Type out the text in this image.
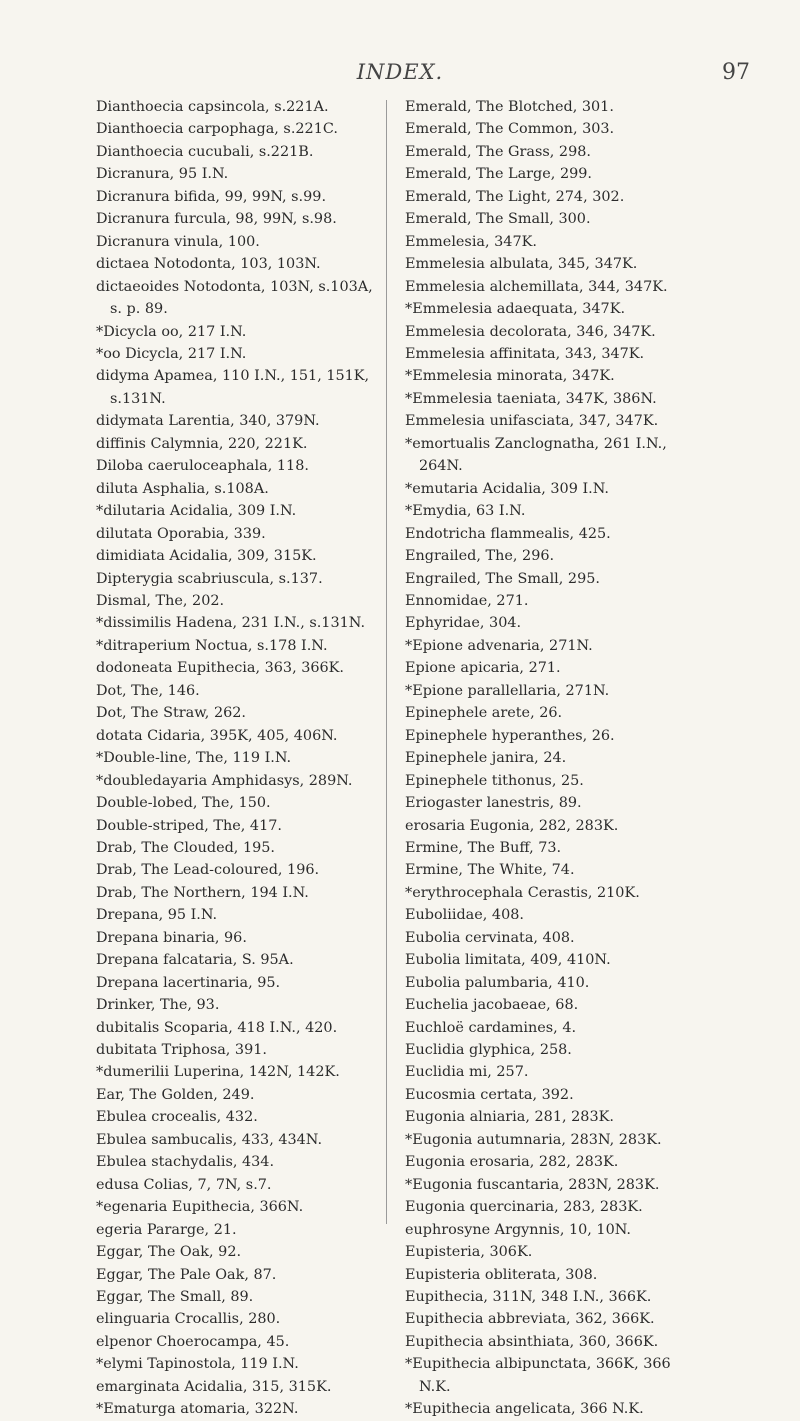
INDEX.	97
Dianthoecia capsincola, s.221A.
Dianthoecia carpophaga, s.221C.
Dianthoecia cucubali, s.221B.
Dicranura, 95 I.N.
Dicranura bifida, 99, 99N, s.99.
Dicranura furcula, 98, 99N, s.98.
Dicranura vinula, 100.
dictaea Notodonta, 103, 103N.
dictaeoides Notodonta, 103N, s.103A, s. p. 89.
*Dicycla oo, 217 I.N.
*oo Dicycla, 217 I.N.
didyma Apamea, 110 I.N., 151, 151K, s.131N.
didymata Larentia, 340, 379N.
diffinis Calymnia, 220, 221K.
Diloba caeruloceaphala, 118.
diluta Asphalia, s.108A.
*dilutaria Acidalia, 309 I.N.
dilutata Oporabia, 339.
dimidiata Acidalia, 309, 315K.
Dipterygia scabriuscula, s.137.
Dismal, The, 202.
*dissimilis Hadena, 231 I.N., s.131N.
*ditraperium Noctua, s.178 I.N.
dodoneata Eupithecia, 363, 366K.
Dot, The, 146.
Dot, The Straw, 262.
dotata Cidaria, 395K, 405, 406N.
*Double-line, The, 119 I.N.
*doubledayaria Amphidasys, 289N.
Double-lobed, The, 150.
Double-striped, The, 417.
Drab, The Clouded, 195.
Drab, The Lead-coloured, 196.
Drab, The Northern, 194 I.N.
Drepana, 95 I.N.
Drepana binaria, 96.
Drepana falcataria, S. 95A.
Drepana lacertinaria, 95.
Drinker, The, 93.
dubitalis Scoparia, 418 I.N., 420.
dubitata Triphosa, 391.
*dumerilii Luperina, 142N, 142K.
Ear, The Golden, 249.
Ebulea crocealis, 432.
Ebulea sambucalis, 433, 434N.
Ebulea stachydalis, 434.
edusa Colias, 7, 7N, s.7.
*egenaria Eupithecia, 366N.
egeria Pararge, 21.
Eggar, The Oak, 92.
Eggar, The Pale Oak, 87.
Eggar, The Small, 89.
elinguaria Crocallis, 280.
elpenor Choerocampa, 45.
*elymi Tapinostola, 119 I.N.
emarginata Acidalia, 315, 315K.
*Ematurga atomaria, 322N.
Emerald, The Blotched, 301.
Emerald, The Common, 303.
Emerald, The Grass, 298.
Emerald, The Large, 299.
Emerald, The Light, 274, 302.
Emerald, The Small, 300.
Emmelesia, 347K.
Emmelesia albulata, 345, 347K.
Emmelesia alchemillata, 344, 347K.
*Emmelesia adaequata, 347K.
Emmelesia decolorata, 346, 347K.
Emmelesia affinitata, 343, 347K.
*Emmelesia minorata, 347K.
*Emmelesia taeniata, 347K, 386N.
Emmelesia unifasciata, 347, 347K.
*emortualis Zanclognatha, 261 I.N., 264N.
*emutaria Acidalia, 309 I.N.
*Emydia, 63 I.N.
Endotricha flammealis, 425.
Engrailed, The, 296.
Engrailed, The Small, 295.
Ennomidae, 271.
Ephyridae, 304.
*Epione advenaria, 271N.
Epione apicaria, 271.
*Epione parallellaria, 271N.
Epinephele arete, 26.
Epinephele hyperanthes, 26.
Epinephele janira, 24.
Epinephele tithonus, 25.
Eriogaster lanestris, 89.
erosaria Eugonia, 282, 283K.
Ermine, The Buff, 73.
Ermine, The White, 74.
*erythrocephala Cerastis, 210K.
Euboliidae, 408.
Eubolia cervinata, 408.
Eubolia limitata, 409, 410N.
Eubolia palumbaria, 410.
Euchelia jacobaeae, 68.
Euchloë cardamines, 4.
Euclidia glyphica, 258.
Euclidia mi, 257.
Eucosmia certata, 392.
Eugonia alniaria, 281, 283K.
*Eugonia autumnaria, 283N, 283K.
Eugonia erosaria, 282, 283K.
*Eugonia fuscantaria, 283N, 283K.
Eugonia quercinaria, 283, 283K.
euphrosyne Argynnis, 10, 10N.
Eupisteria, 306K.
Eupisteria obliterata, 308.
Eupithecia, 311N, 348 I.N., 366K.
Eupithecia abbreviata, 362, 366K.
Eupithecia absinthiata, 360, 366K.
*Eupithecia albipunctata, 366K, 366 N.K.
*Eupithecia angelicata, 366 N.K.
